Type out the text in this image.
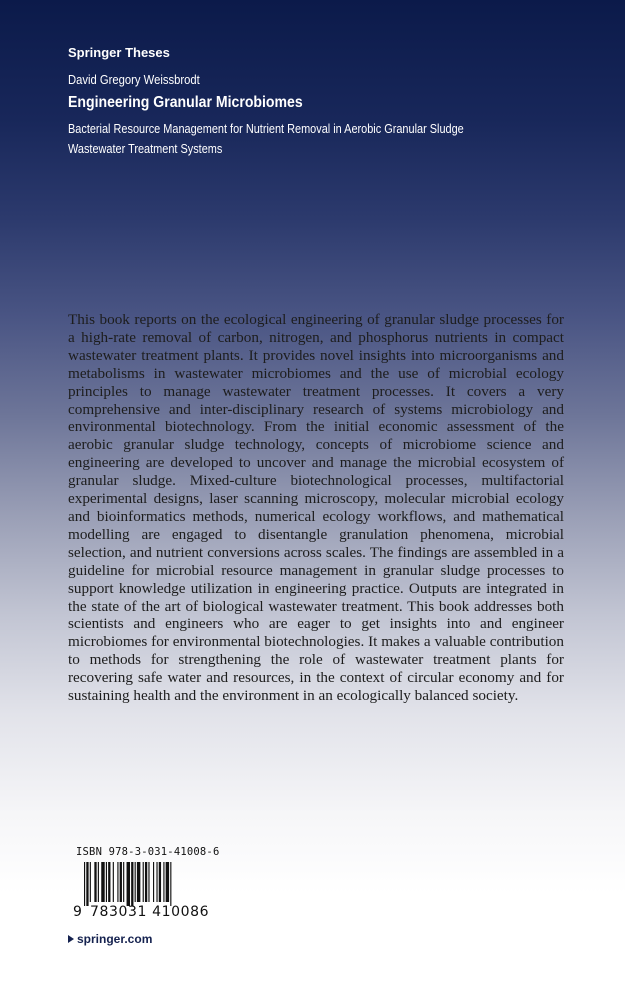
Springer Theses
David Gregory Weissbrodt
Engineering Granular Microbiomes
Bacterial Resource Management for Nutrient Removal in Aerobic Granular Sludge Wastewater Treatment Systems
This book reports on the ecological engineering of granular sludge processes for a high-rate removal of carbon, nitrogen, and phosphorus nutrients in compact wastewater treatment plants. It provides novel insights into microorganisms and metabolisms in wastewater microbiomes and the use of microbial ecology principles to manage wastewater treatment processes. It covers a very comprehensive and inter-disciplinary research of systems microbiology and environmental biotechnology. From the initial economic assessment of the aerobic granular sludge technology, concepts of microbiome science and engineering are developed to uncover and manage the microbial ecosystem of granular sludge. Mixed-culture biotechnological processes, multifactorial experimental designs, laser scanning microscopy, molecular microbial ecology and bioinformatics methods, numerical ecology workflows, and mathematical modelling are engaged to disentangle granulation phenomena, microbial selection, and nutrient conversions across scales. The findings are assembled in a guideline for microbial resource management in granular sludge processes to support knowledge utilization in engineering practice. Outputs are integrated in the state of the art of biological wastewater treatment. This book addresses both scientists and engineers who are eager to get insights into and engineer microbiomes for environmental biotechnologies. It makes a valuable contribution to methods for strengthening the role of wastewater treatment plants for recovering safe water and resources, in the context of circular economy and for sustaining health and the environment in an ecologically balanced society.
ISBN 978-3-031-41008-6
9 783031 410086
springer.com
